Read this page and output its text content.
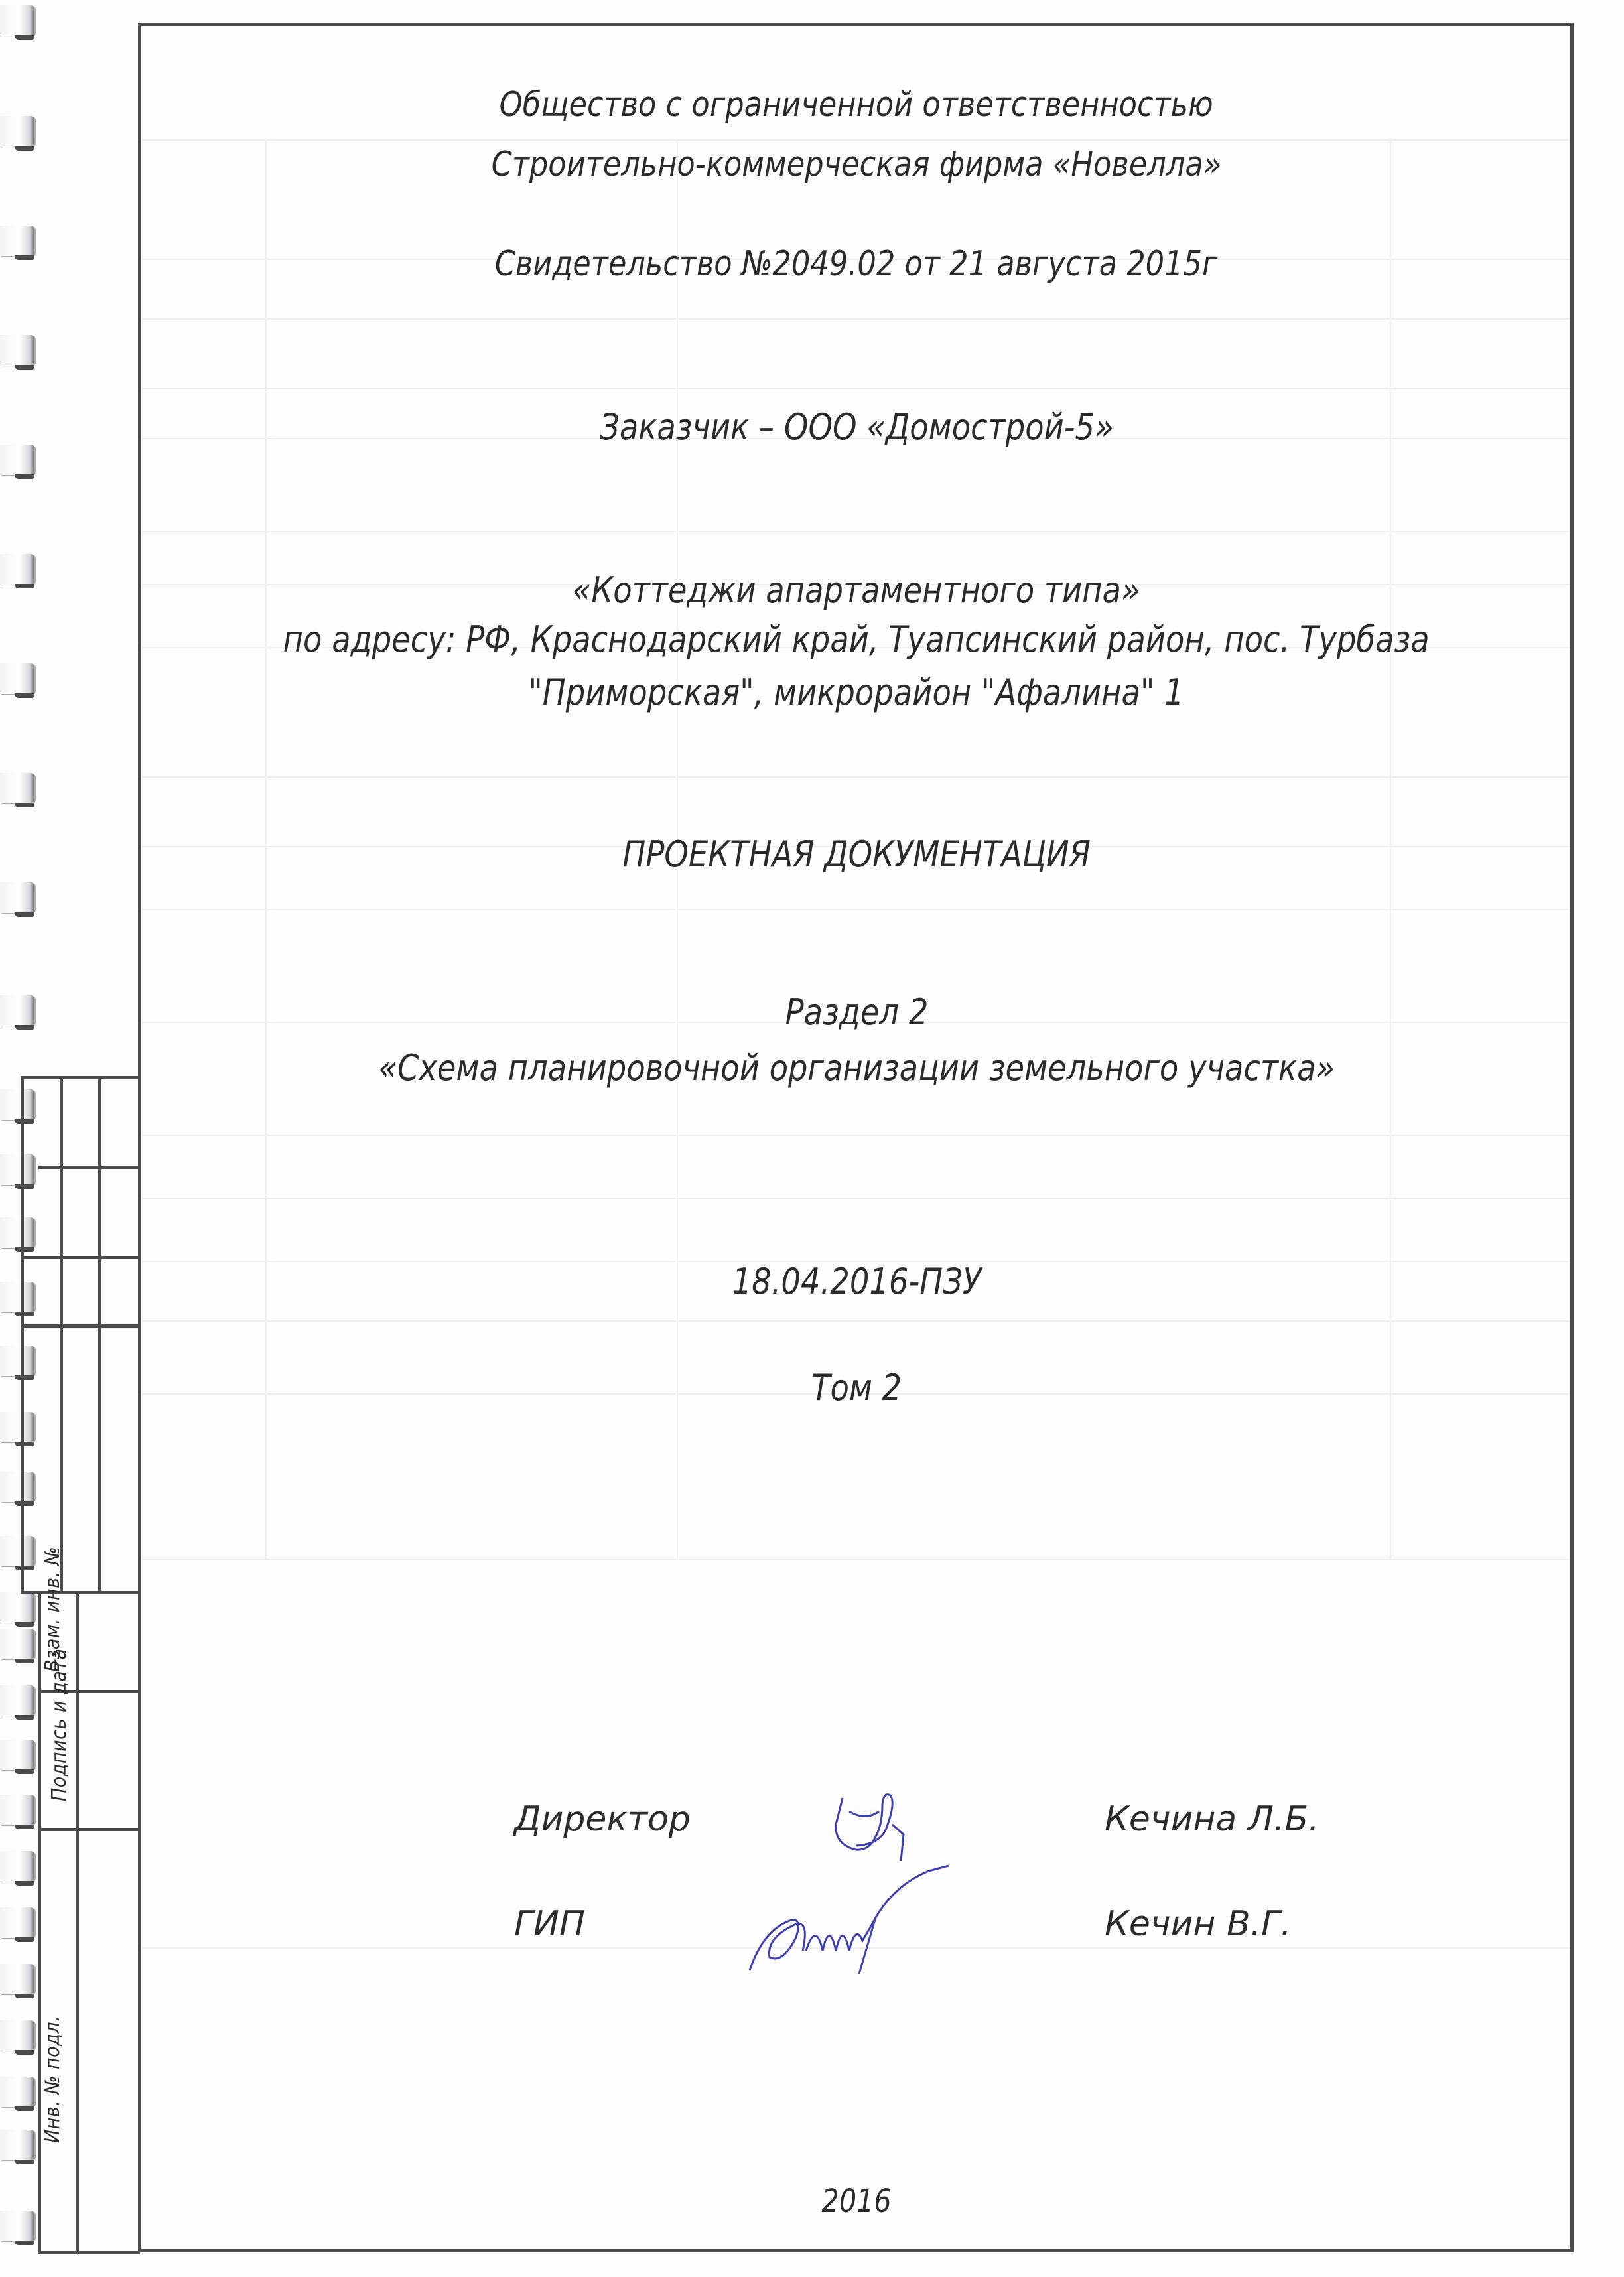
Взам. инв. №
Подпись и дата
Инв. № подл.
Общество с ограниченной ответственностью
Строительно-коммерческая фирма «Новелла»
Свидетельство №2049.02 от 21 августа 2015г
Заказчик – ООО «Домострой-5»
«Коттеджи апартаментного типа»
по адресу: РФ, Краснодарский край, Туапсинский район, пос. Турбаза
"Приморская", микрорайон "Афалина" 1
ПРОЕКТНАЯ ДОКУМЕНТАЦИЯ
Раздел 2
«Схема планировочной организации земельного участка»
18.04.2016-ПЗУ
Том 2
Директор	Кечина Л.Б.
ГИП	Кечин В.Г.
2016
